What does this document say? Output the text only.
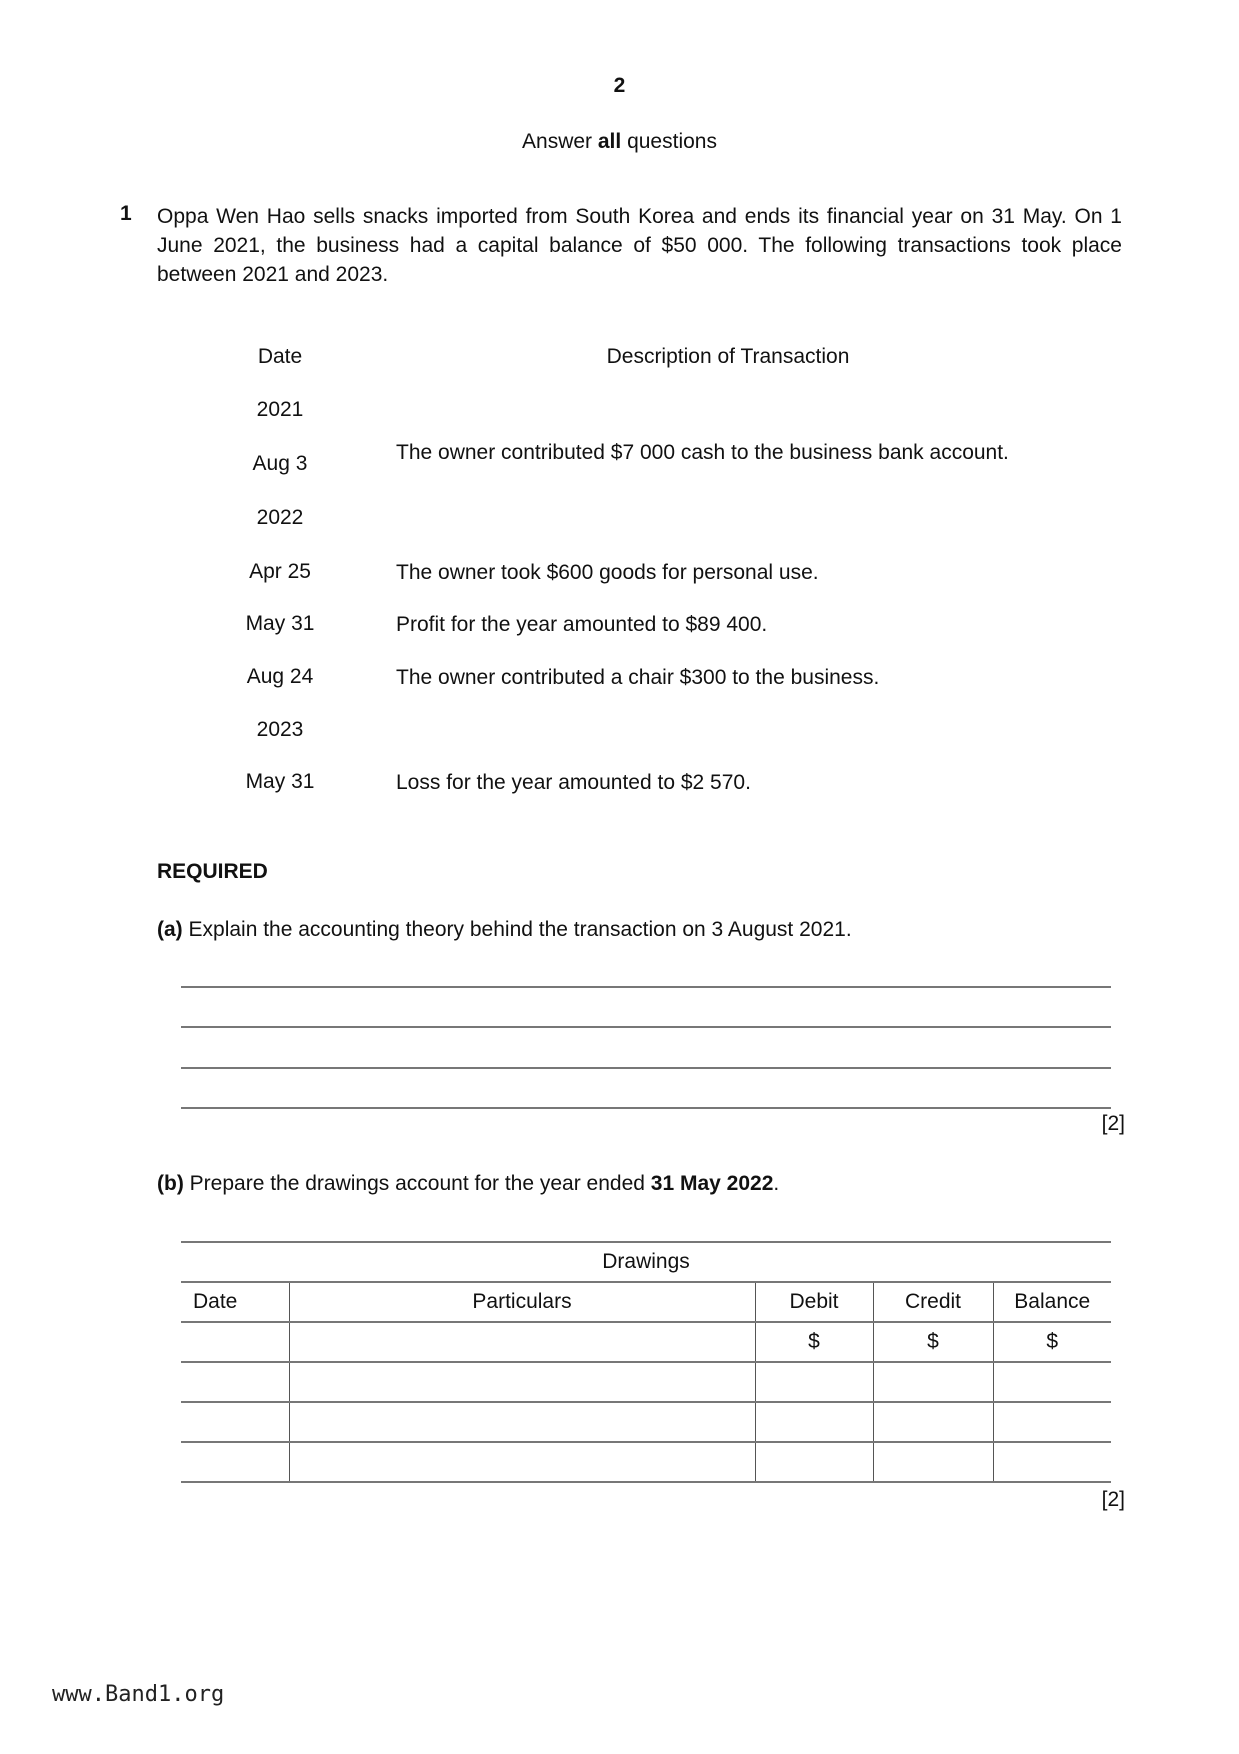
2
Answer all questions
1 Oppa Wen Hao sells snacks imported from South Korea and ends its financial year on 31 May. On 1 June 2021, the business had a capital balance of $50 000. The following transactions took place between 2021 and 2023.
Date	Description of Transaction
2021
Aug 3	The owner contributed $7 000 cash to the business bank account.
2022
Apr 25	The owner took $600 goods for personal use.
May 31	Profit for the year amounted to $89 400.
Aug 24	The owner contributed a chair $300 to the business.
2023
May 31	Loss for the year amounted to $2 570.
REQUIRED
(a) Explain the accounting theory behind the transaction on 3 August 2021.
[2]
(b) Prepare the drawings account for the year ended 31 May 2022.
Drawings				
Date	Particulars	Debit	Credit	Balance
		$	$	$

[2]
www.Band1.org
